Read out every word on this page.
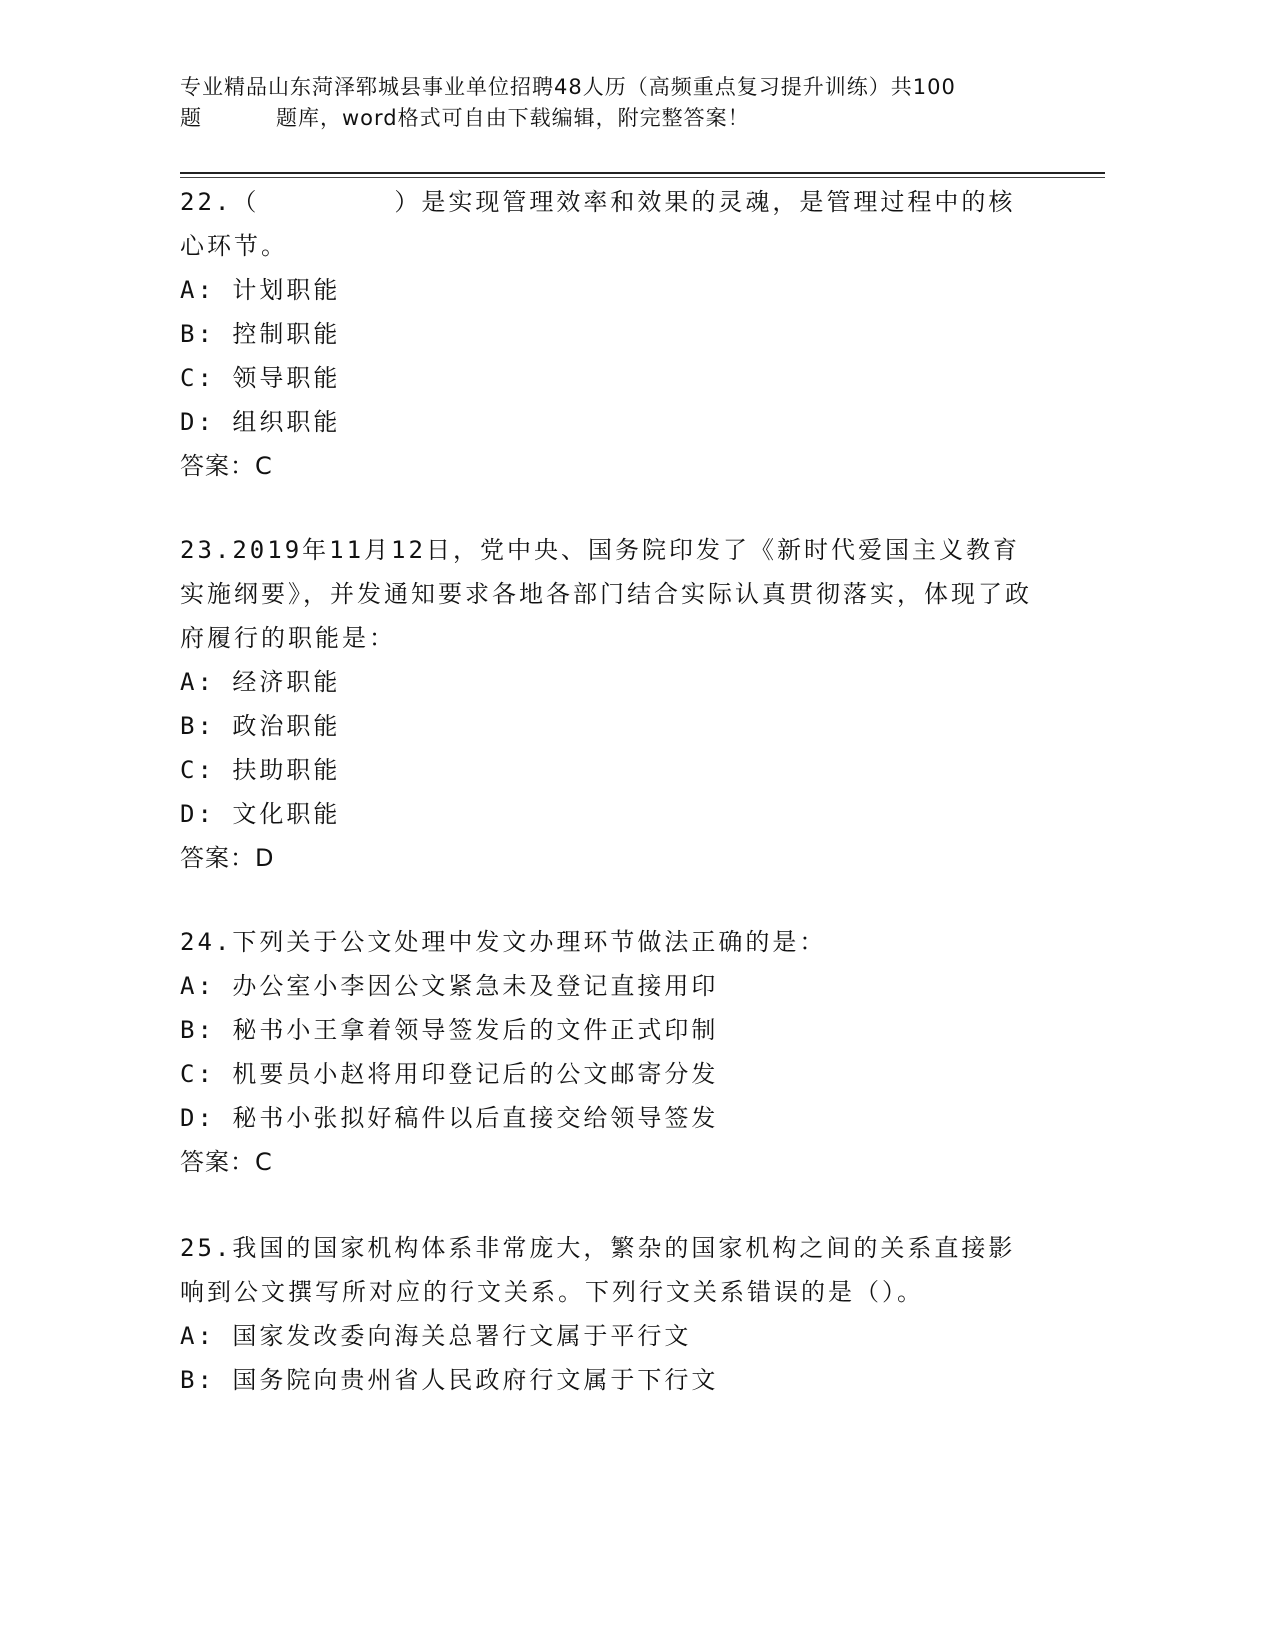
专业精品山东菏泽郓城县事业单位招聘48人历（高频重点复习提升训练）共100
题	题库，word格式可自由下载编辑，附完整答案！
22.（　　　　　）是实现管理效率和效果的灵魂，是管理过程中的核心环节。
A: 计划职能
B: 控制职能
C: 领导职能
D: 组织职能
答案：C
23.2019年11月12日，党中央、国务院印发了《新时代爱国主义教育实施纲要》，并发通知要求各地各部门结合实际认真贯彻落实，体现了政府履行的职能是：
A: 经济职能
B: 政治职能
C: 扶助职能
D: 文化职能
答案：D
24.下列关于公文处理中发文办理环节做法正确的是：
A: 办公室小李因公文紧急未及登记直接用印
B: 秘书小王拿着领导签发后的文件正式印制
C: 机要员小赵将用印登记后的公文邮寄分发
D: 秘书小张拟好稿件以后直接交给领导签发
答案：C
25.我国的国家机构体系非常庞大，繁杂的国家机构之间的关系直接影响到公文撰写所对应的行文关系。下列行文关系错误的是（）。
A: 国家发改委向海关总署行文属于平行文
B: 国务院向贵州省人民政府行文属于下行文
